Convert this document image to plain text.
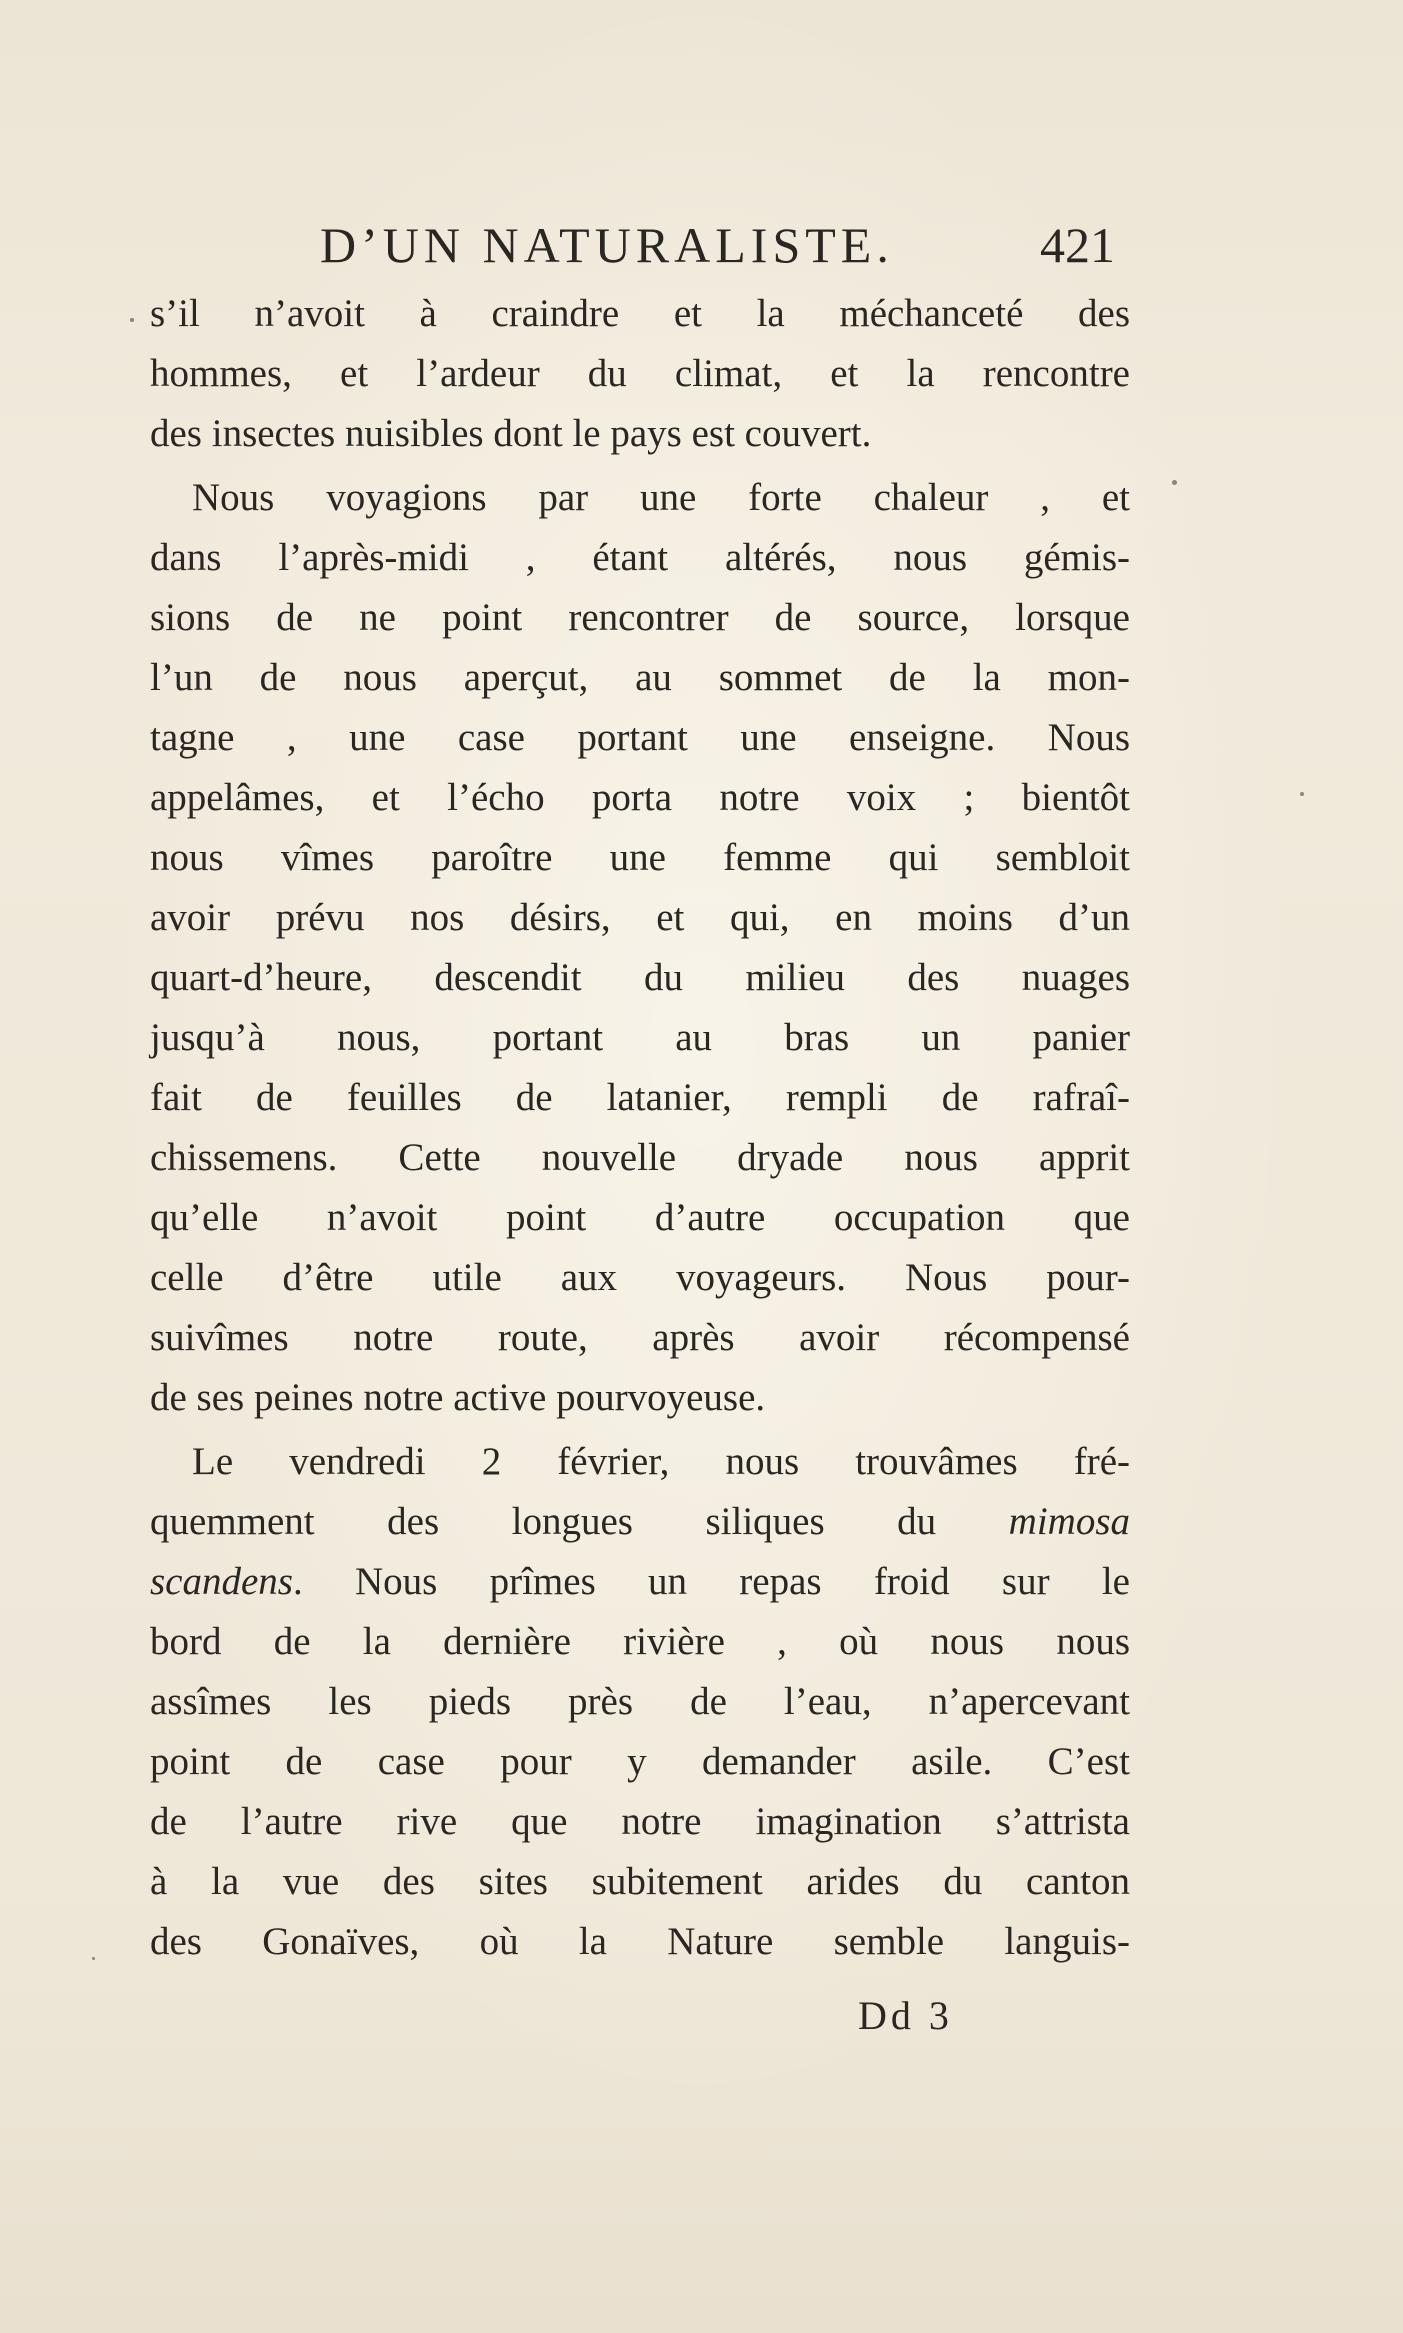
D’UN NATURALISTE.	421
s’il n’avoit à craindre et la méchanceté des
hommes, et l’ardeur du climat, et la rencontre
des insectes nuisibles dont le pays est couvert.
Nous voyagions par une forte chaleur , et
dans l’après-midi , étant altérés, nous gémis-
sions de ne point rencontrer de source, lorsque
l’un de nous aperçut, au sommet de la mon-
tagne , une case portant une enseigne. Nous
appelâmes, et l’écho porta notre voix ; bientôt
nous vîmes paroître une femme qui sembloit
avoir prévu nos désirs, et qui, en moins d’un
quart-d’heure, descendit du milieu des nuages
jusqu’à nous, portant au bras un panier
fait de feuilles de latanier, rempli de rafraî-
chissemens. Cette nouvelle dryade nous apprit
qu’elle n’avoit point d’autre occupation que
celle d’être utile aux voyageurs. Nous pour-
suivîmes notre route, après avoir récompensé
de ses peines notre active pourvoyeuse.
Le vendredi 2 février, nous trouvâmes fré-
quemment des longues siliques du mimosa
scandens. Nous prîmes un repas froid sur le
bord de la dernière rivière , où nous nous
assîmes les pieds près de l’eau, n’apercevant
point de case pour y demander asile. C’est
de l’autre rive que notre imagination s’attrista
à la vue des sites subitement arides du canton
des Gonaïves, où la Nature semble languis-
Dd 3
